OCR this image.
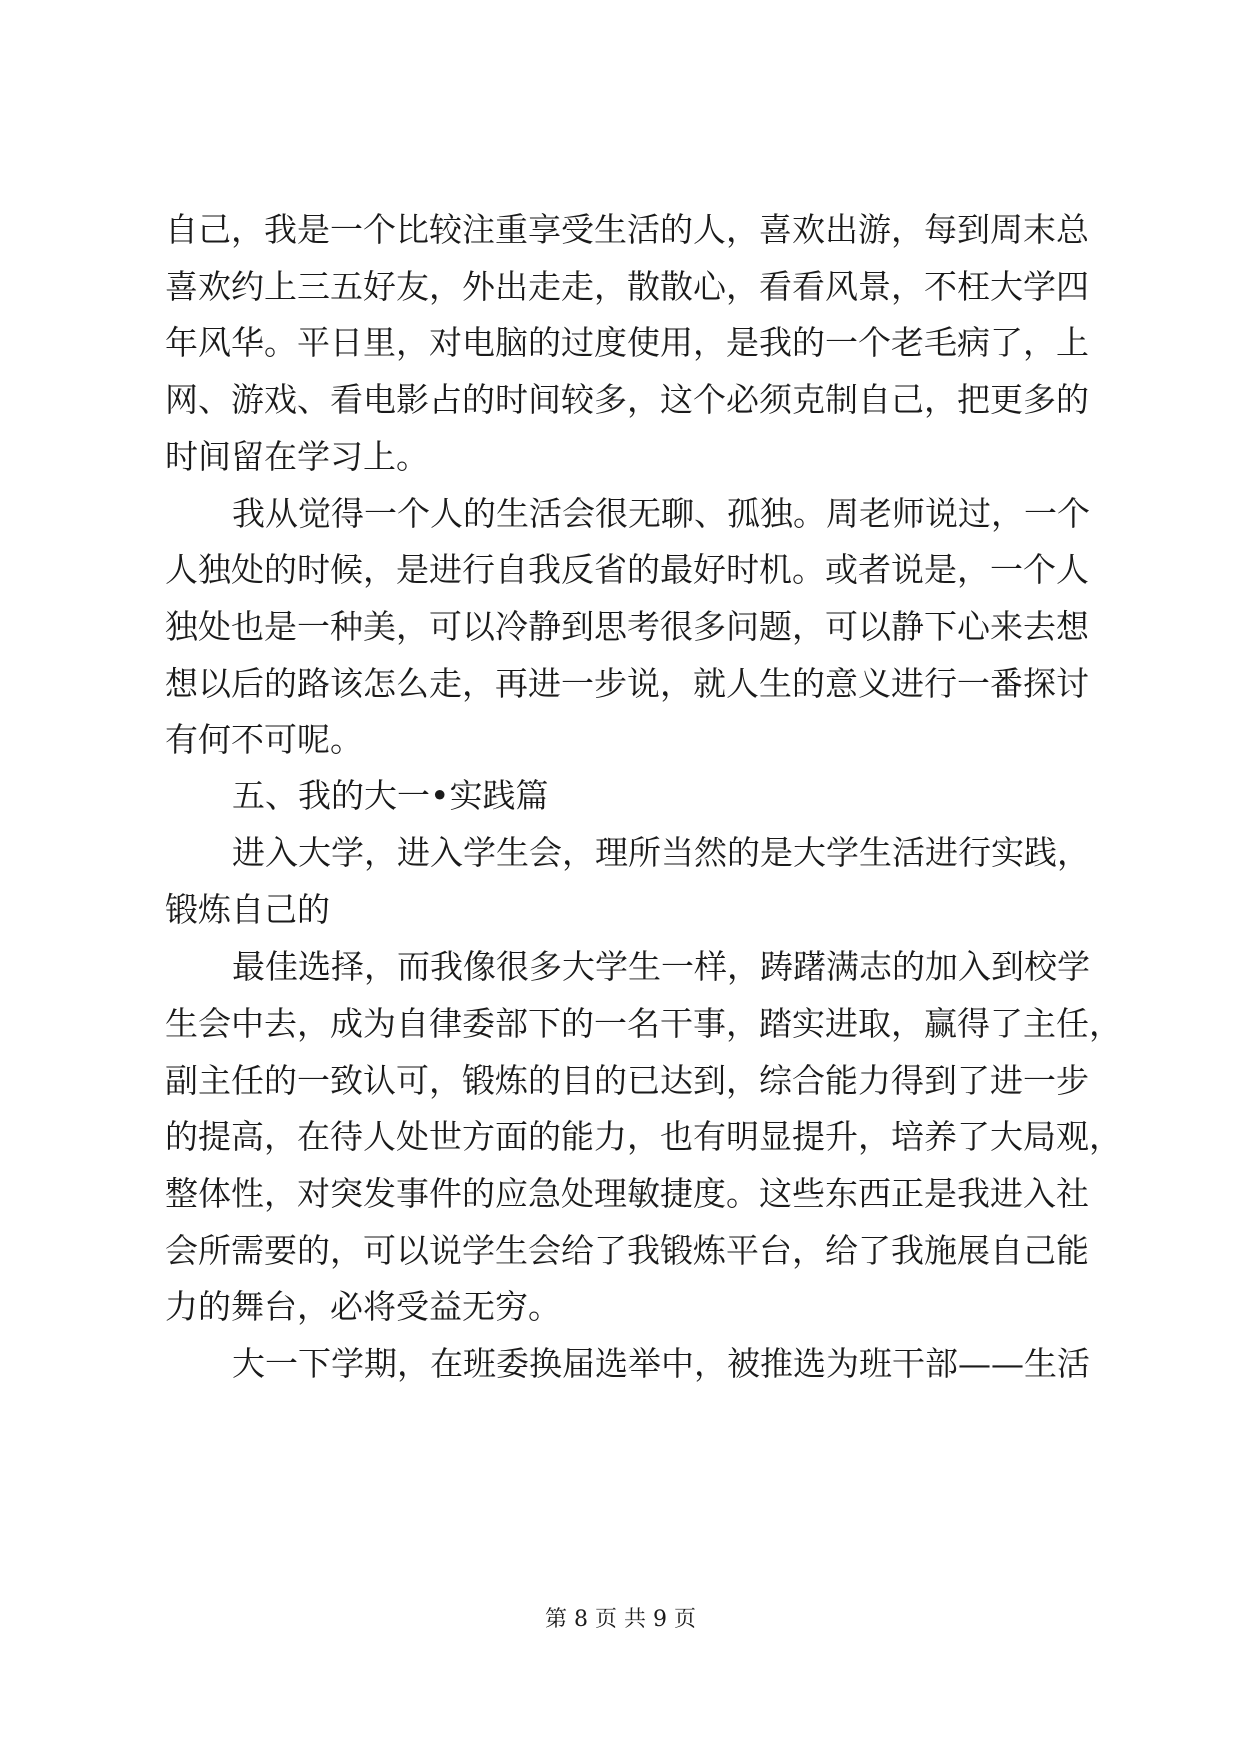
自己，我是一个比较注重享受生活的人，喜欢出游，每到周末总
喜欢约上三五好友，外出走走，散散心，看看风景，不枉大学四
年风华。平日里，对电脑的过度使用，是我的一个老毛病了，上
网、游戏、看电影占的时间较多，这个必须克制自己，把更多的
时间留在学习上。
我从觉得一个人的生活会很无聊、孤独。周老师说过，一个
人独处的时候，是进行自我反省的最好时机。或者说是，一个人
独处也是一种美，可以冷静到思考很多问题，可以静下心来去想
想以后的路该怎么走，再进一步说，就人生的意义进行一番探讨
有何不可呢。
五、我的大一•实践篇
进入大学，进入学生会，理所当然的是大学生活进行实践，
锻炼自己的
最佳选择，而我像很多大学生一样，踌躇满志的加入到校学
生会中去，成为自律委部下的一名干事，踏实进取，赢得了主任，
副主任的一致认可，锻炼的目的已达到，综合能力得到了进一步
的提高，在待人处世方面的能力，也有明显提升，培养了大局观，
整体性，对突发事件的应急处理敏捷度。这些东西正是我进入社
会所需要的，可以说学生会给了我锻炼平台，给了我施展自己能
力的舞台，必将受益无穷。
大一下学期，在班委换届选举中，被推选为班干部——生活
第 8 页 共 9 页
